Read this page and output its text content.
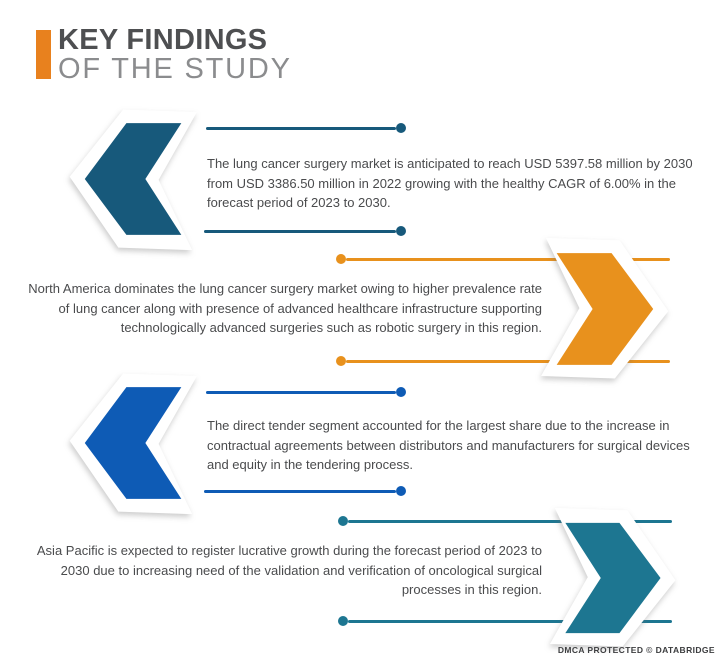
KEY FINDINGS
OF THE STUDY
The lung cancer surgery market is anticipated to reach USD 5397.58 million by 2030 from USD 3386.50 million in 2022 growing with the healthy CAGR of 6.00% in the forecast period of 2023 to 2030.
North America dominates the lung cancer surgery market owing to higher prevalence rate of lung cancer along with presence of advanced healthcare infrastructure supporting technologically advanced surgeries such as robotic surgery in this region.
The direct tender segment accounted for the largest share due to the increase in contractual agreements between distributors and manufacturers for surgical devices and equity in the tendering process.
Asia Pacific is expected to register lucrative growth during the forecast period of 2023 to 2030 due to increasing need of the validation and verification of oncological surgical processes in this region.
DMCA PROTECTED © DATABRIDGE
